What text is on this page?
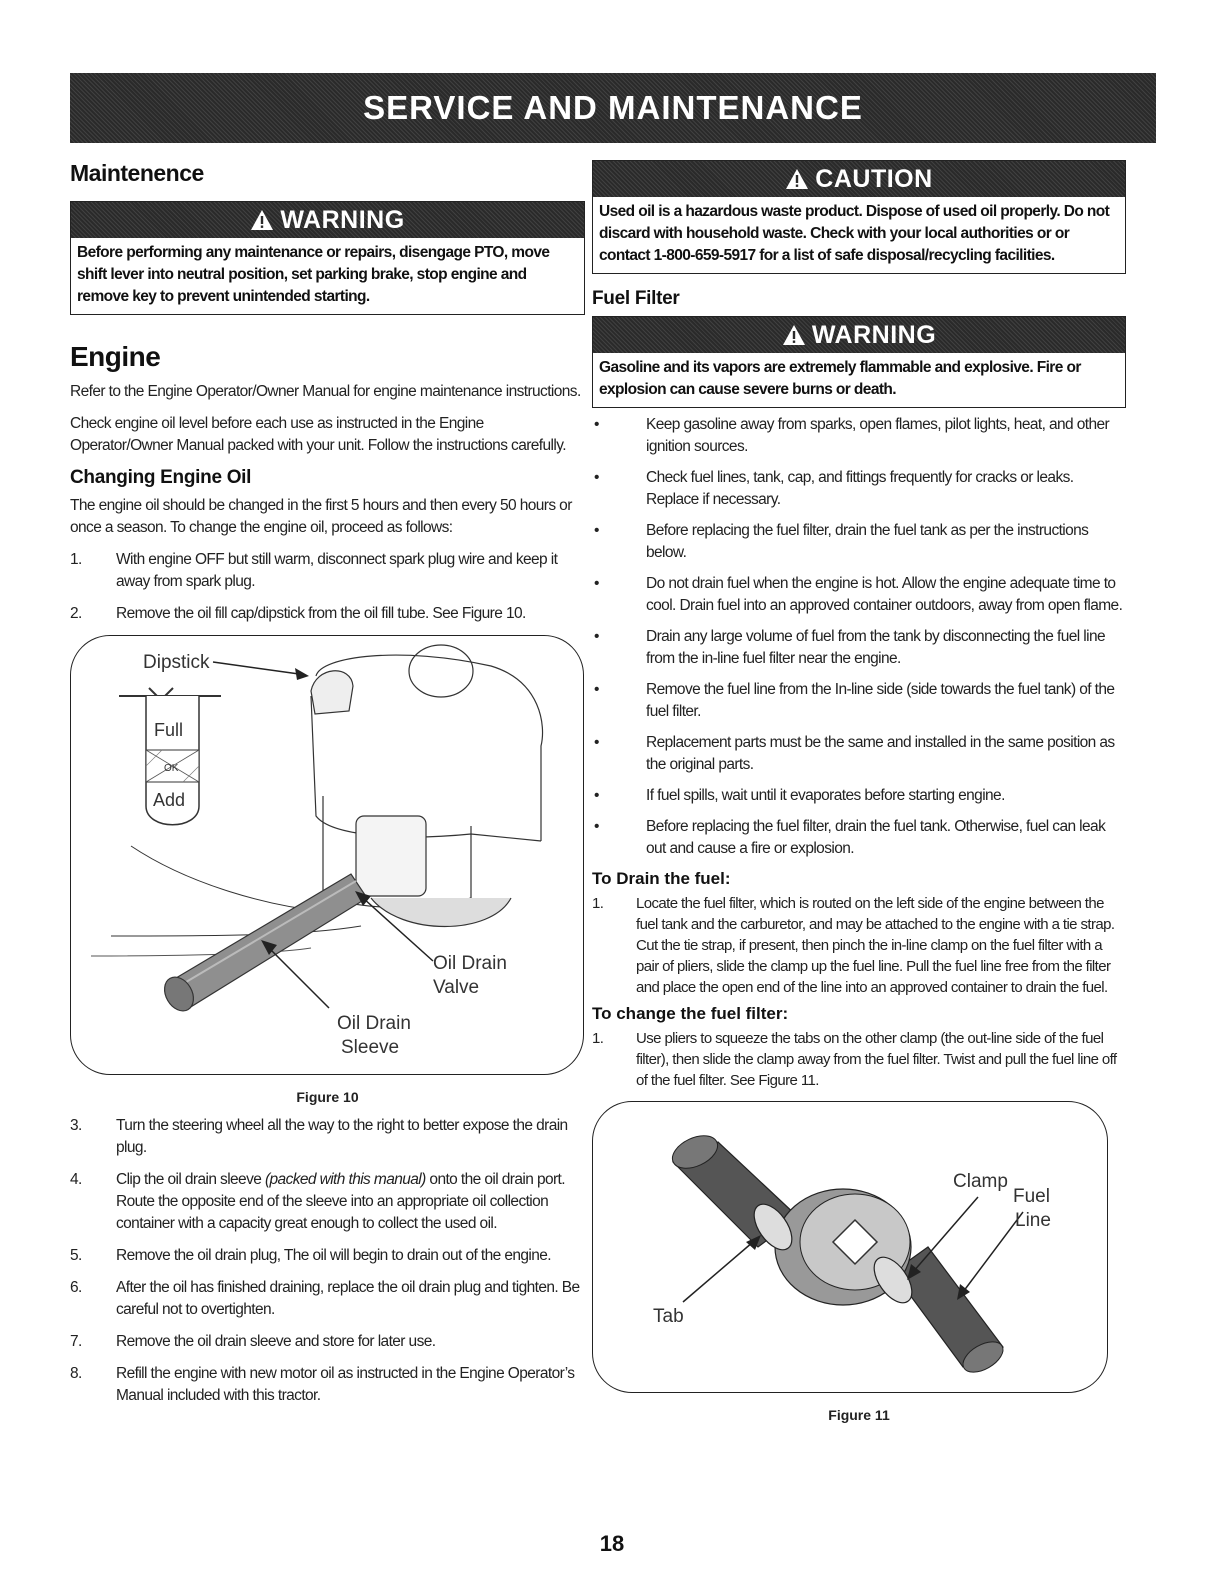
SERVICE AND MAINTENANCE
Maintenence
WARNING
Before performing any maintenance or repairs, disengage PTO, move shift lever into neutral position, set parking brake, stop engine and remove key to prevent unintended starting.
Engine

Refer to the Engine Operator/Owner Manual for engine maintenance instructions.

Check engine oil level before each use as instructed in the Engine Operator/Owner Manual packed with your unit. Follow the instructions carefully.

Changing Engine Oil

The engine oil should be changed in the first 5 hours and then every 50 hours or once a season. To change the engine oil, proceed as follows:

1.	With engine OFF but still warm, disconnect spark plug wire and keep it away from spark plug.
2.	Remove the oil fill cap/dipstick from the oil fill tube. See Figure 10.
Dipstick
Full
OK
Add
Oil Drain
Valve
Oil Drain
Sleeve
Figure 10
3.	Turn the steering wheel all the way to the right to better expose the drain plug.
4.	Clip the oil drain sleeve (packed with this manual) onto the oil drain port. Route the opposite end of the sleeve into an appropriate oil collection container with a capacity great enough to collect the used oil.
5.	Remove the oil drain plug, The oil will begin to drain out of the engine.
6.	After the oil has finished draining, replace the oil drain plug and tighten. Be careful not to overtighten.
7.	Remove the oil drain sleeve and store for later use.
8.	Refill the engine with new motor oil as instructed in the Engine Operator’s Manual included with this tractor.
CAUTION
Used oil is a hazardous waste product. Dispose of used oil properly. Do not discard with household waste. Check with your local authorities or or contact 1-800-659-5917 for a list of safe disposal/recycling facilities.
Fuel Filter
WARNING
Gasoline and its vapors are extremely flammable and explosive. Fire or explosion can cause severe burns or death.
•	Keep gasoline away from sparks, open flames, pilot lights, heat, and other ignition sources.
•	Check fuel lines, tank, cap, and fittings frequently for cracks or leaks. Replace if necessary.
•	Before replacing the fuel filter, drain the fuel tank as per the instructions below.
•	Do not drain fuel when the engine is hot. Allow the engine adequate time to cool. Drain fuel into an approved container outdoors, away from open flame.
•	Drain any large volume of fuel from the tank by disconnecting the fuel line from the in-line fuel filter near the engine.
•	Remove the fuel line from the In-line side (side towards the fuel tank) of the fuel filter.
•	Replacement parts must be the same and installed in the same position as the original parts.
•	If fuel spills, wait until it evaporates before starting engine.
•	Before replacing the fuel filter, drain the fuel tank. Otherwise, fuel can leak out and cause a fire or explosion.
To Drain the fuel:
1.	Locate the fuel filter, which is routed on the left side of the engine between the fuel tank and the carburetor, and may be attached to the engine with a tie strap. Cut the tie strap, if present, then pinch the in-line clamp on the fuel filter with a pair of pliers, slide the clamp up the fuel line. Pull the fuel line free from the filter and place the open end of the line into an approved container to drain the fuel.
To change the fuel filter:
1.	Use pliers to squeeze the tabs on the other clamp (the out-line side of the fuel filter), then slide the clamp away from the fuel filter. Twist and pull the fuel line off of the fuel filter. See Figure 11.
Clamp
Fuel
Line
Tab
Figure 11
18
